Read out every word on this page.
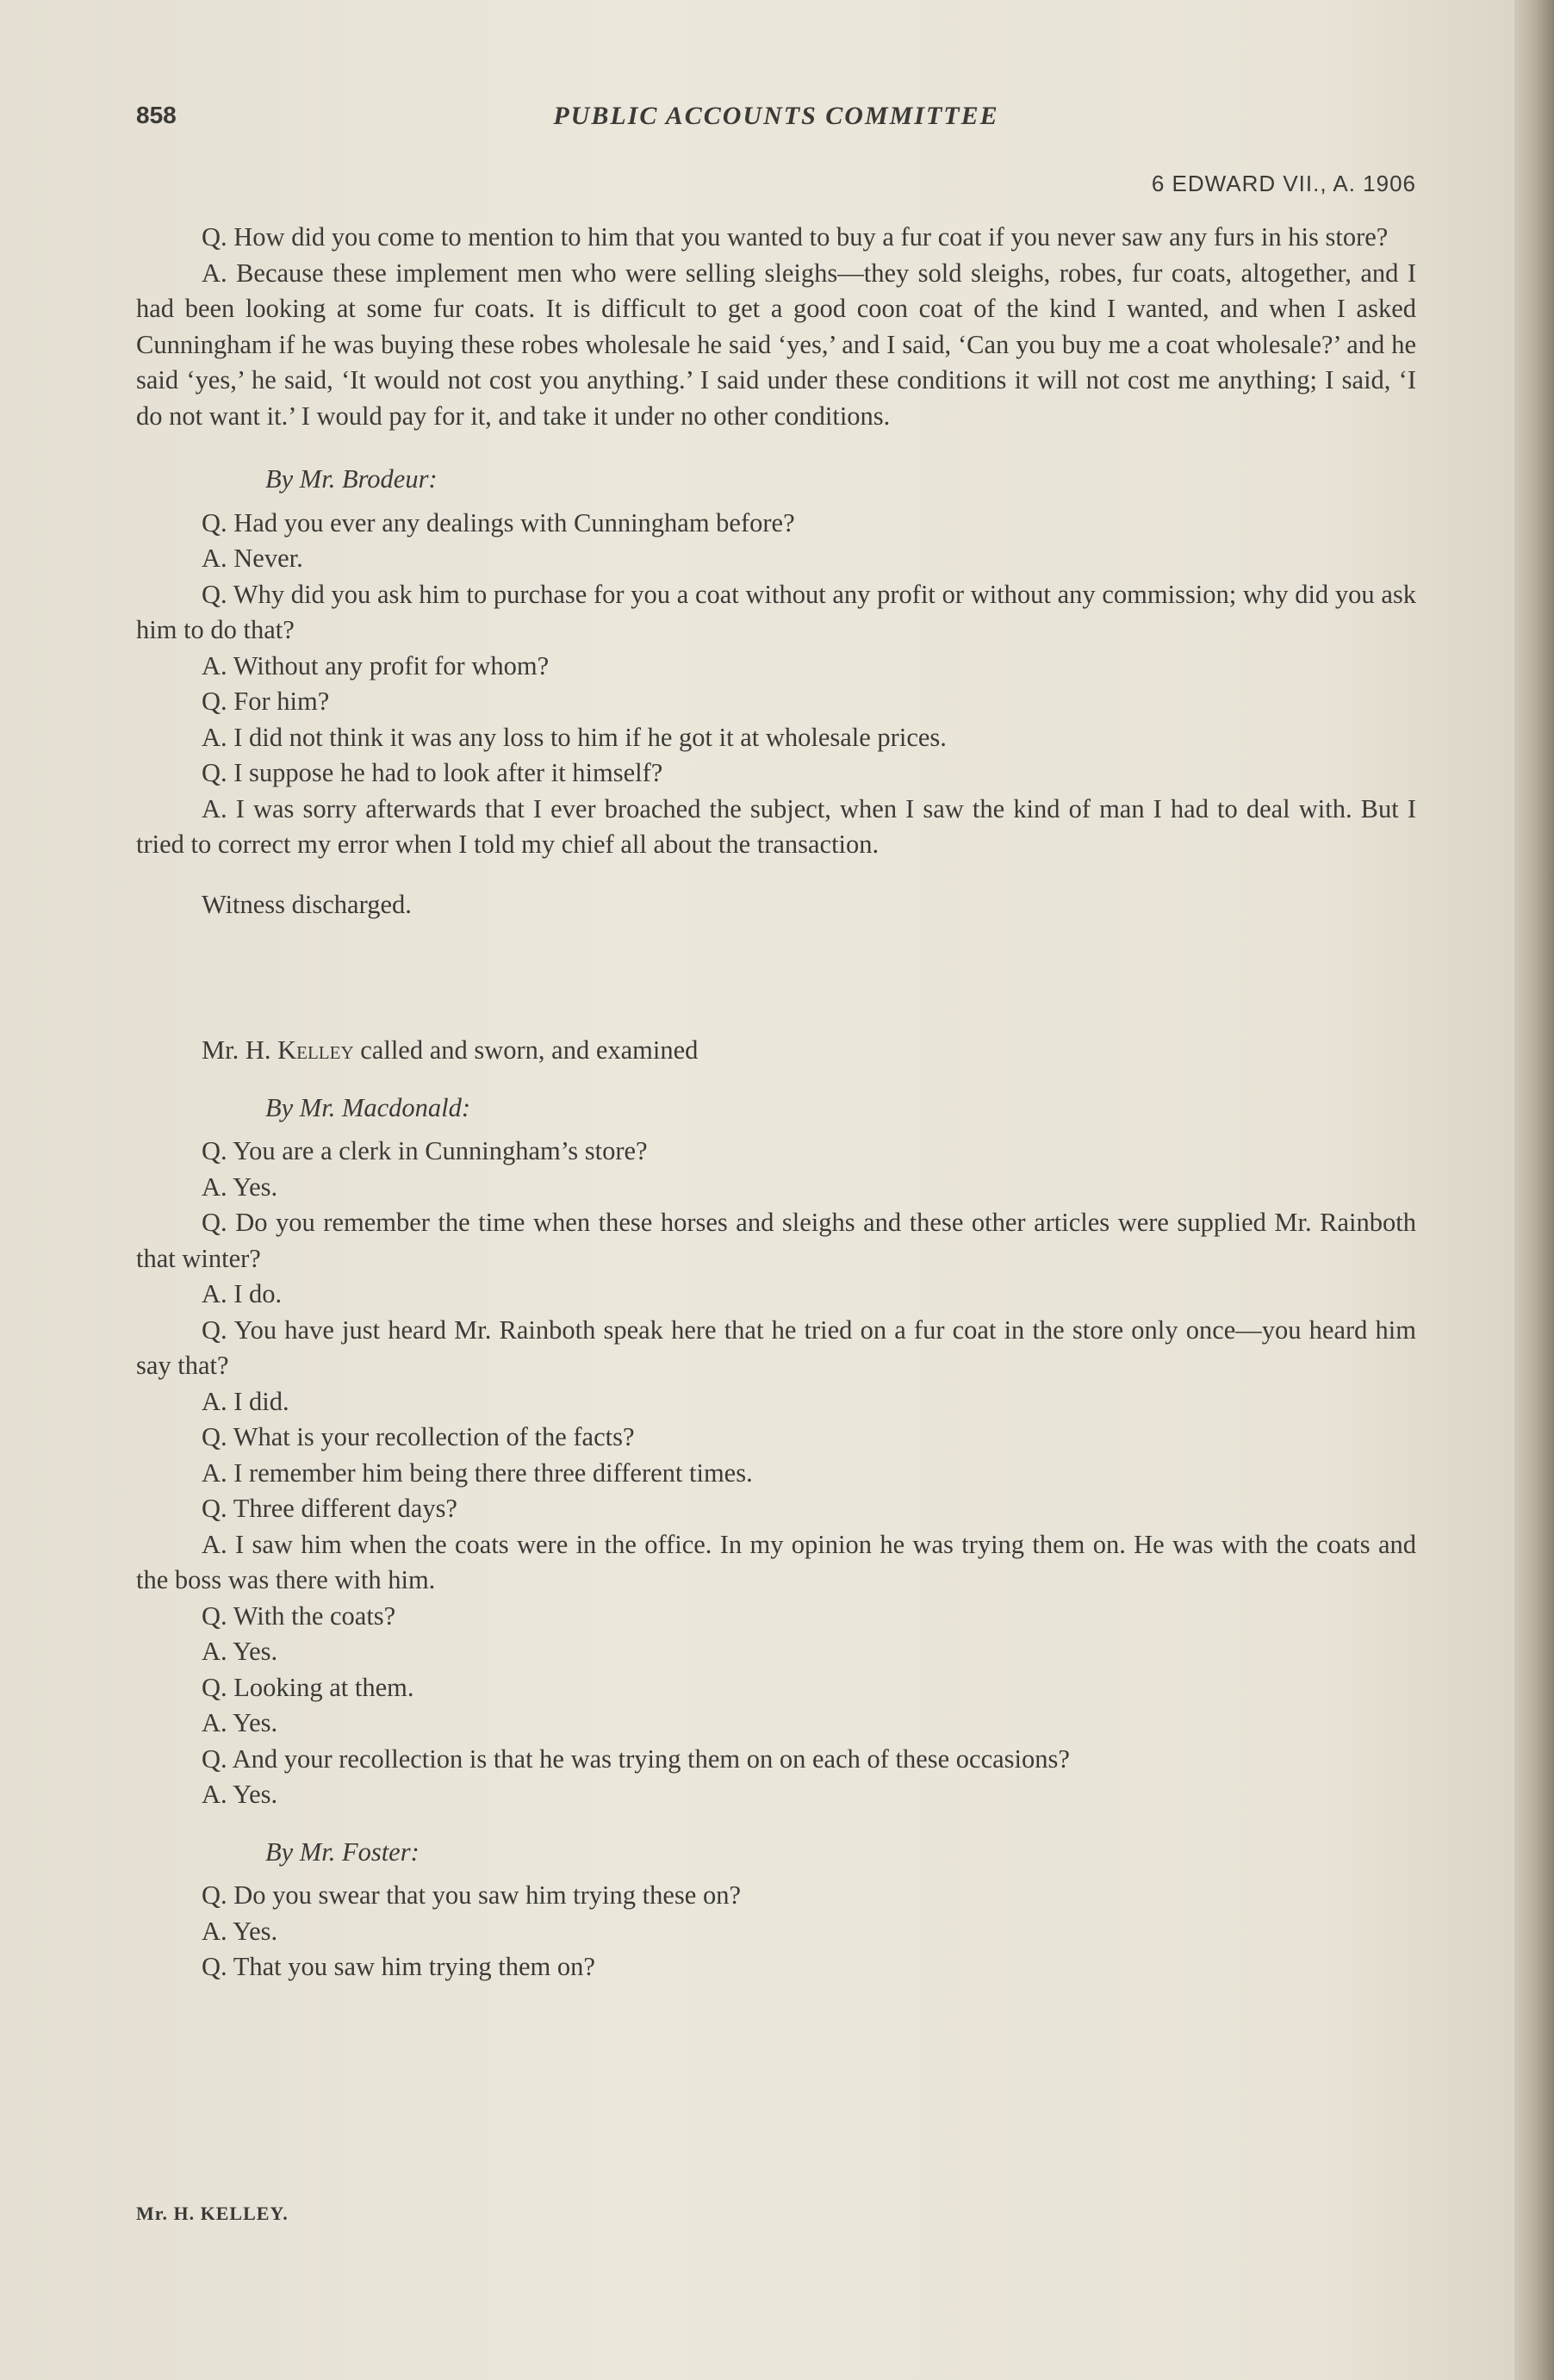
858	PUBLIC ACCOUNTS COMMITTEE
6 EDWARD VII., A. 1906

Q. How did you come to mention to him that you wanted to buy a fur coat if you never saw any furs in his store?

A. Because these implement men who were selling sleighs—they sold sleighs, robes, fur coats, altogether, and I had been looking at some fur coats. It is difficult to get a good coon coat of the kind I wanted, and when I asked Cunningham if he was buying these robes wholesale he said ‘yes,’ and I said, ‘Can you buy me a coat wholesale?’ and he said ‘yes,’ he said, ‘It would not cost you anything.’ I said under these conditions it will not cost me anything; I said, ‘I do not want it.’ I would pay for it, and take it under no other conditions.

By Mr. Brodeur:

Q. Had you ever any dealings with Cunningham before?

A. Never.

Q. Why did you ask him to purchase for you a coat without any profit or without any commission; why did you ask him to do that?

A. Without any profit for whom?

Q. For him?

A. I did not think it was any loss to him if he got it at wholesale prices.

Q. I suppose he had to look after it himself?

A. I was sorry afterwards that I ever broached the subject, when I saw the kind of man I had to deal with. But I tried to correct my error when I told my chief all about the transaction.

Witness discharged.

Mr. H. Kelley called and sworn, and examined

By Mr. Macdonald:

Q. You are a clerk in Cunningham’s store?

A. Yes.

Q. Do you remember the time when these horses and sleighs and these other articles were supplied Mr. Rainboth that winter?

A. I do.

Q. You have just heard Mr. Rainboth speak here that he tried on a fur coat in the store only once—you heard him say that?

A. I did.

Q. What is your recollection of the facts?

A. I remember him being there three different times.

Q. Three different days?

A. I saw him when the coats were in the office. In my opinion he was trying them on. He was with the coats and the boss was there with him.

Q. With the coats?

A. Yes.

Q. Looking at them.

A. Yes.

Q. And your recollection is that he was trying them on on each of these occasions?

A. Yes.

By Mr. Foster:

Q. Do you swear that you saw him trying these on?

A. Yes.

Q. That you saw him trying them on?

Mr. H. KELLEY.
